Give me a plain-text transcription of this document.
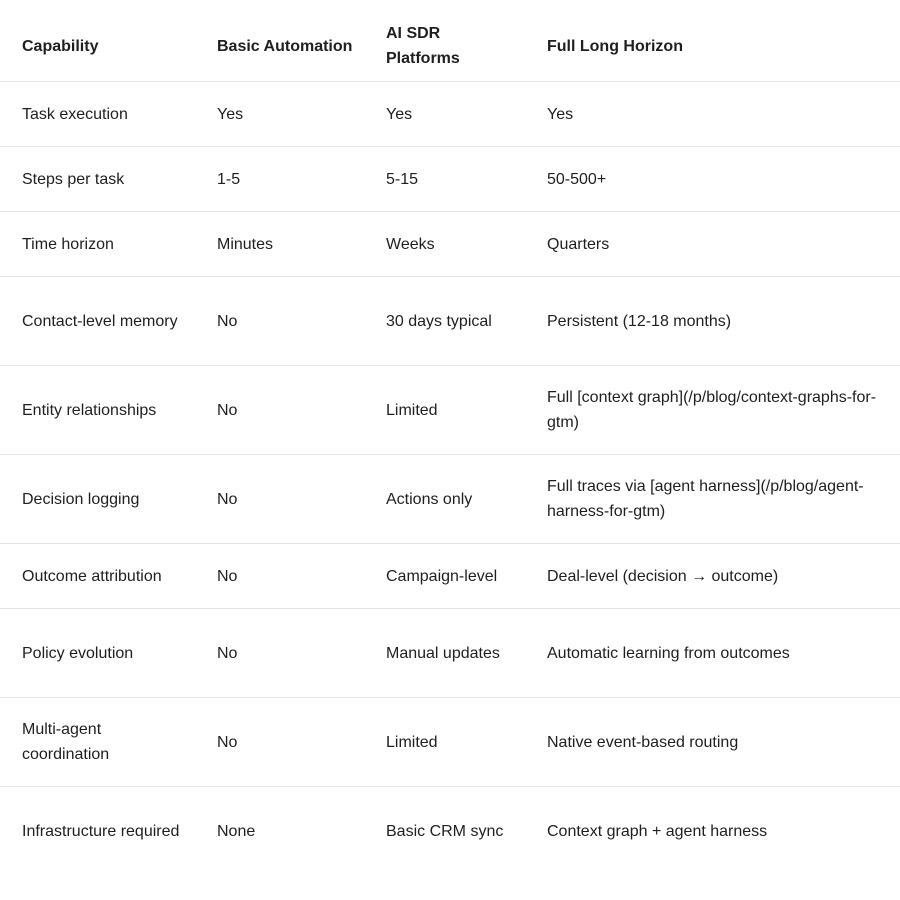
Capability	Basic Automation	AI SDR Platforms	Full Long Horizon
Task execution	Yes	Yes	Yes
Steps per task	1-5	5-15	50-500+
Time horizon	Minutes	Weeks	Quarters
Contact-level memory	No	30 days typical	Persistent (12-18 months)
Entity relationships	No	Limited	Full [context graph](/p/blog/context-graphs-for-gtm)
Decision logging	No	Actions only	Full traces via [agent harness](/p/blog/agent-harness-for-gtm)
Outcome attribution	No	Campaign-level	Deal-level (decision → outcome)
Policy evolution	No	Manual updates	Automatic learning from outcomes
Multi-agent coordination	No	Limited	Native event-based routing
Infrastructure required	None	Basic CRM sync	Context graph + agent harness
